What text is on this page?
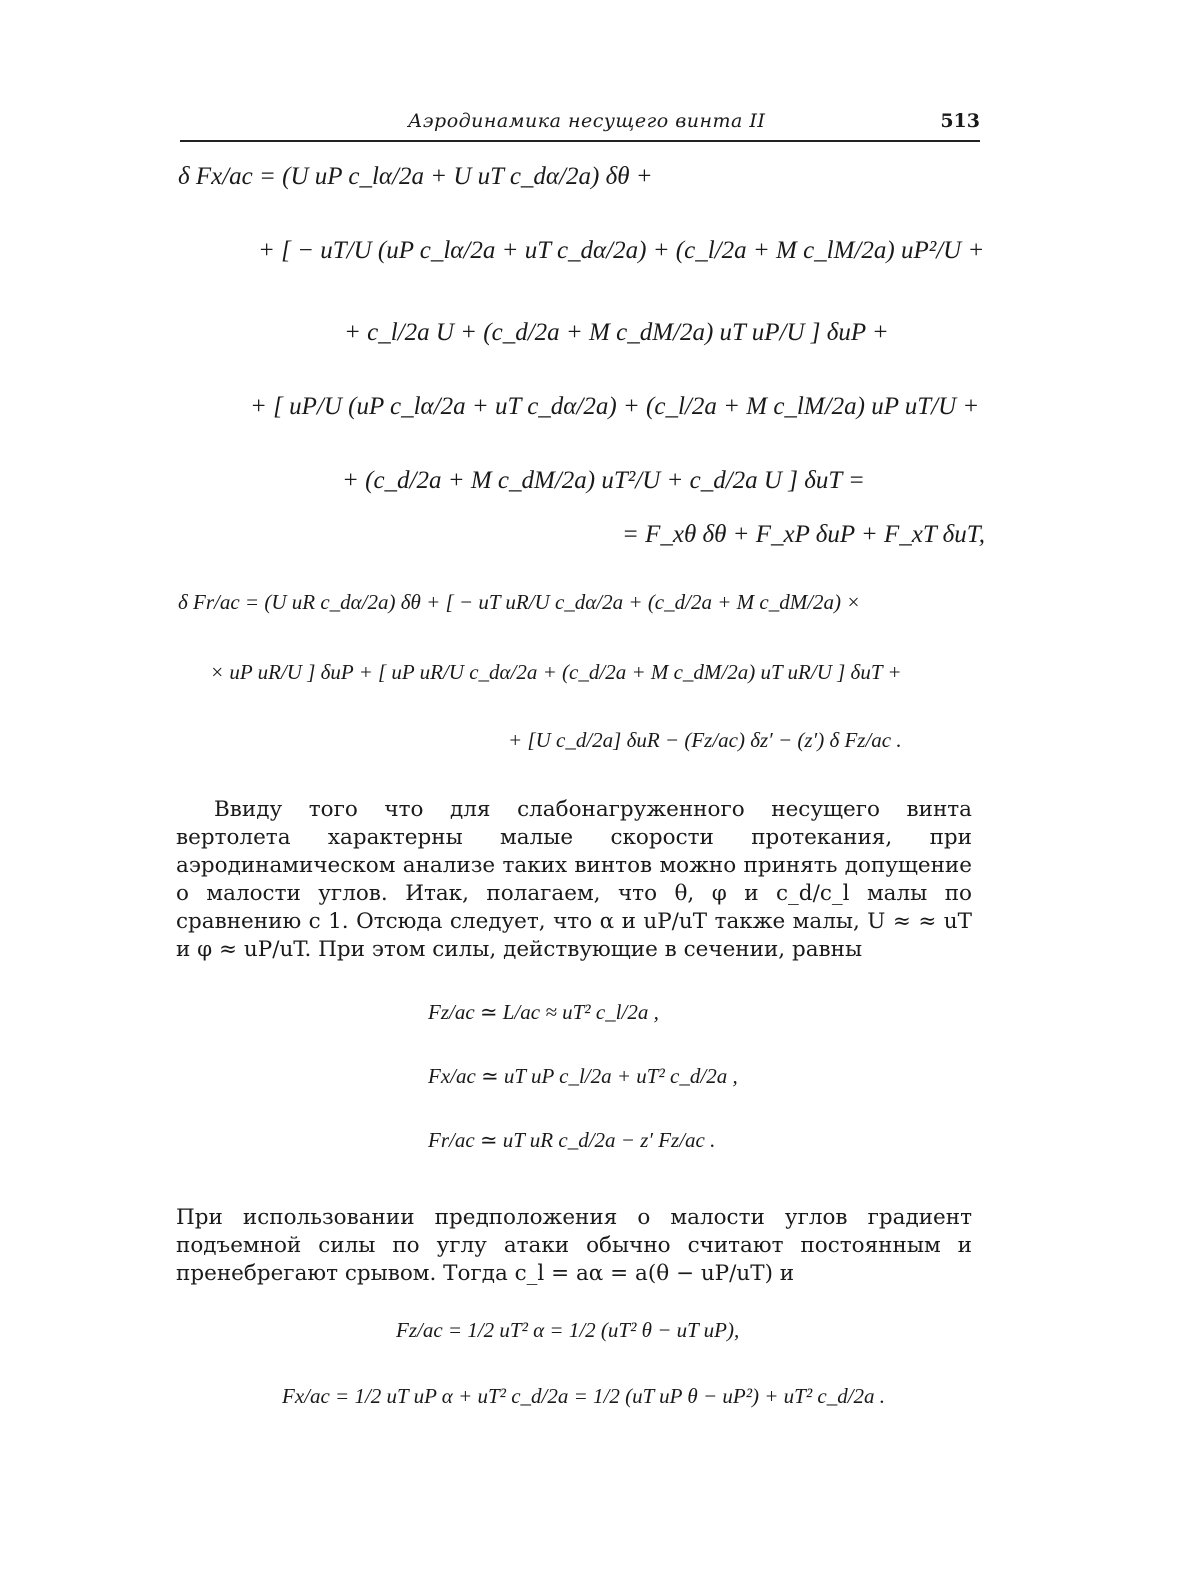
Аэродинамика несущего винта II	513
δ Fx/ac = (U uP c_lα/2a + U uT c_dα/2a) δθ +
+ [ − uT/U (uP c_lα/2a + uT c_dα/2a) + (c_l/2a + M c_lM/2a) uP²/U +
+ c_l/2a U + (c_d/2a + M c_dM/2a) uT uP/U ] δuP +
+ [ uP/U (uP c_lα/2a + uT c_dα/2a) + (c_l/2a + M c_lM/2a) uP uT/U +
+ (c_d/2a + M c_dM/2a) uT²/U + c_d/2a U ] δuT =
= F_xθ δθ + F_xP δuP + F_xT δuT,
δ Fr/ac = (U uR c_dα/2a) δθ + [ − uT uR/U c_dα/2a + (c_d/2a + M c_dM/2a) ×
× uP uR/U ] δuP + [ uP uR/U c_dα/2a + (c_d/2a + M c_dM/2a) uT uR/U ] δuT +
+ [U c_d/2a] δuR − (Fz/ac) δz′ − (z′) δ Fz/ac .

Ввиду того что для слабонагруженного несущего винта вертолета характерны малые скорости протекания, при аэродинамическом анализе таких винтов можно принять допущение о малости углов. Итак, полагаем, что θ, φ и c_d/c_l малы по сравнению с 1. Отсюда следует, что α и uP/uT также малы, U ≈ ≈ uT и φ ≈ uP/uT. При этом силы, действующие в сечении, равны

Fz/ac ≃ L/ac ≈ uT² c_l/2a ,
Fx/ac ≃ uT uP c_l/2a + uT² c_d/2a ,
Fr/ac ≃ uT uR c_d/2a − z′ Fz/ac .

При использовании предположения о малости углов градиент подъемной силы по углу атаки обычно считают постоянным и пренебрегают срывом. Тогда c_l = aα = a(θ − uP/uT) и

Fz/ac = 1/2 uT² α = 1/2 (uT² θ − uT uP),
Fx/ac = 1/2 uT uP α + uT² c_d/2a = 1/2 (uT uP θ − uP²) + uT² c_d/2a .
